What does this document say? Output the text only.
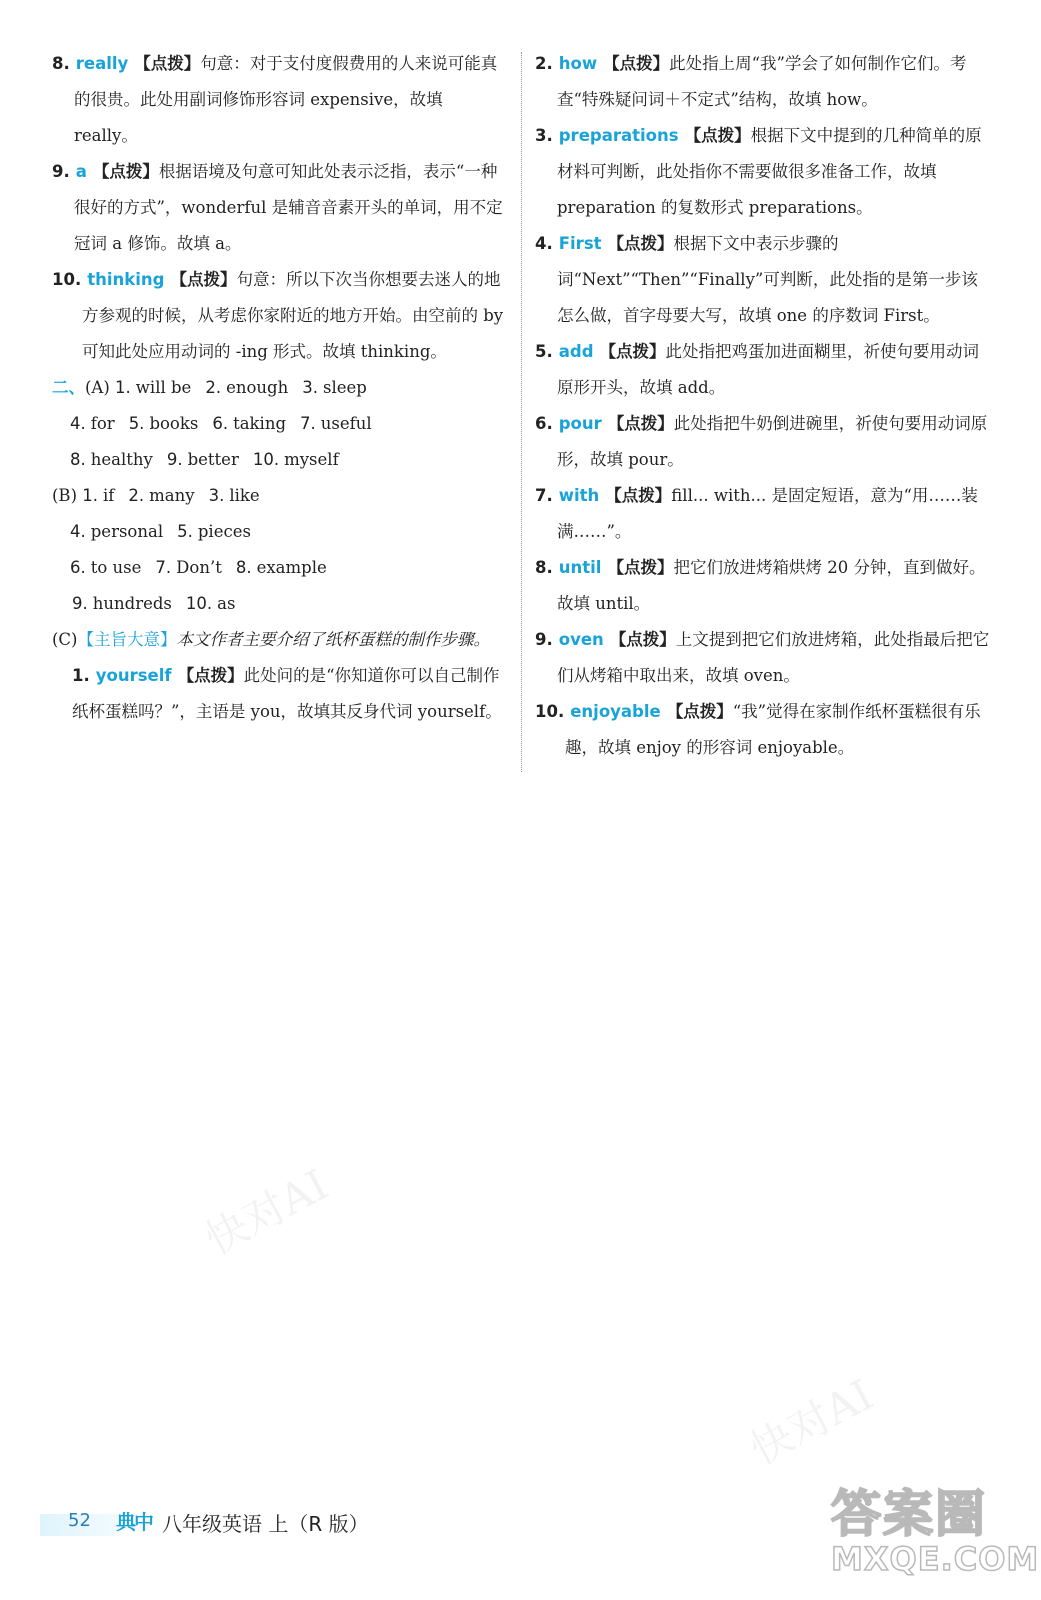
快对AI
快对AI

8. really 【点拨】句意：对于支付度假费用的人来说可能真的很贵。此处用副词修饰形容词 expensive，故填 really。

9. a 【点拨】根据语境及句意可知此处表示泛指，表示“一种很好的方式”，wonderful 是辅音音素开头的单词，用不定冠词 a 修饰。故填 a。

10. thinking 【点拨】句意：所以下次当你想要去迷人的地方参观的时候，从考虑你家附近的地方开始。由空前的 by 可知此处应用动词的 -ing 形式。故填 thinking。

二、(A) 1. will be 2. enough 3. sleep
4. for 5. books 6. taking 7. useful
8. healthy 9. better 10. myself
(B) 1. if 2. many 3. like
4. personal 5. pieces
6. to use 7. Don’t 8. example
9. hundreds 10. as
(C)【主旨大意】本文作者主要介绍了纸杯蛋糕的制作步骤。

1. yourself 【点拨】此处问的是“你知道你可以自己制作纸杯蛋糕吗？”，主语是 you，故填其反身代词 yourself。

2. how 【点拨】此处指上周“我”学会了如何制作它们。考查“特殊疑问词＋不定式”结构，故填 how。

3. preparations 【点拨】根据下文中提到的几种简单的原材料可判断，此处指你不需要做很多准备工作，故填 preparation 的复数形式 preparations。

4. First 【点拨】根据下文中表示步骤的词“Next”“Then”“Finally”可判断，此处指的是第一步该怎么做，首字母要大写，故填 one 的序数词 First。

5. add 【点拨】此处指把鸡蛋加进面糊里，祈使句要用动词原形开头，故填 add。

6. pour 【点拨】此处指把牛奶倒进碗里，祈使句要用动词原形，故填 pour。

7. with 【点拨】fill... with... 是固定短语，意为“用……装满……”。

8. until 【点拨】把它们放进烤箱烘烤 20 分钟，直到做好。故填 until。

9. oven 【点拨】上文提到把它们放进烤箱，此处指最后把它们从烤箱中取出来，故填 oven。

10. enjoyable 【点拨】“我”觉得在家制作纸杯蛋糕很有乐趣，故填 enjoy 的形容词 enjoyable。

52 典中 八年级英语 上（R 版）	答案圈
MXQE.COM
